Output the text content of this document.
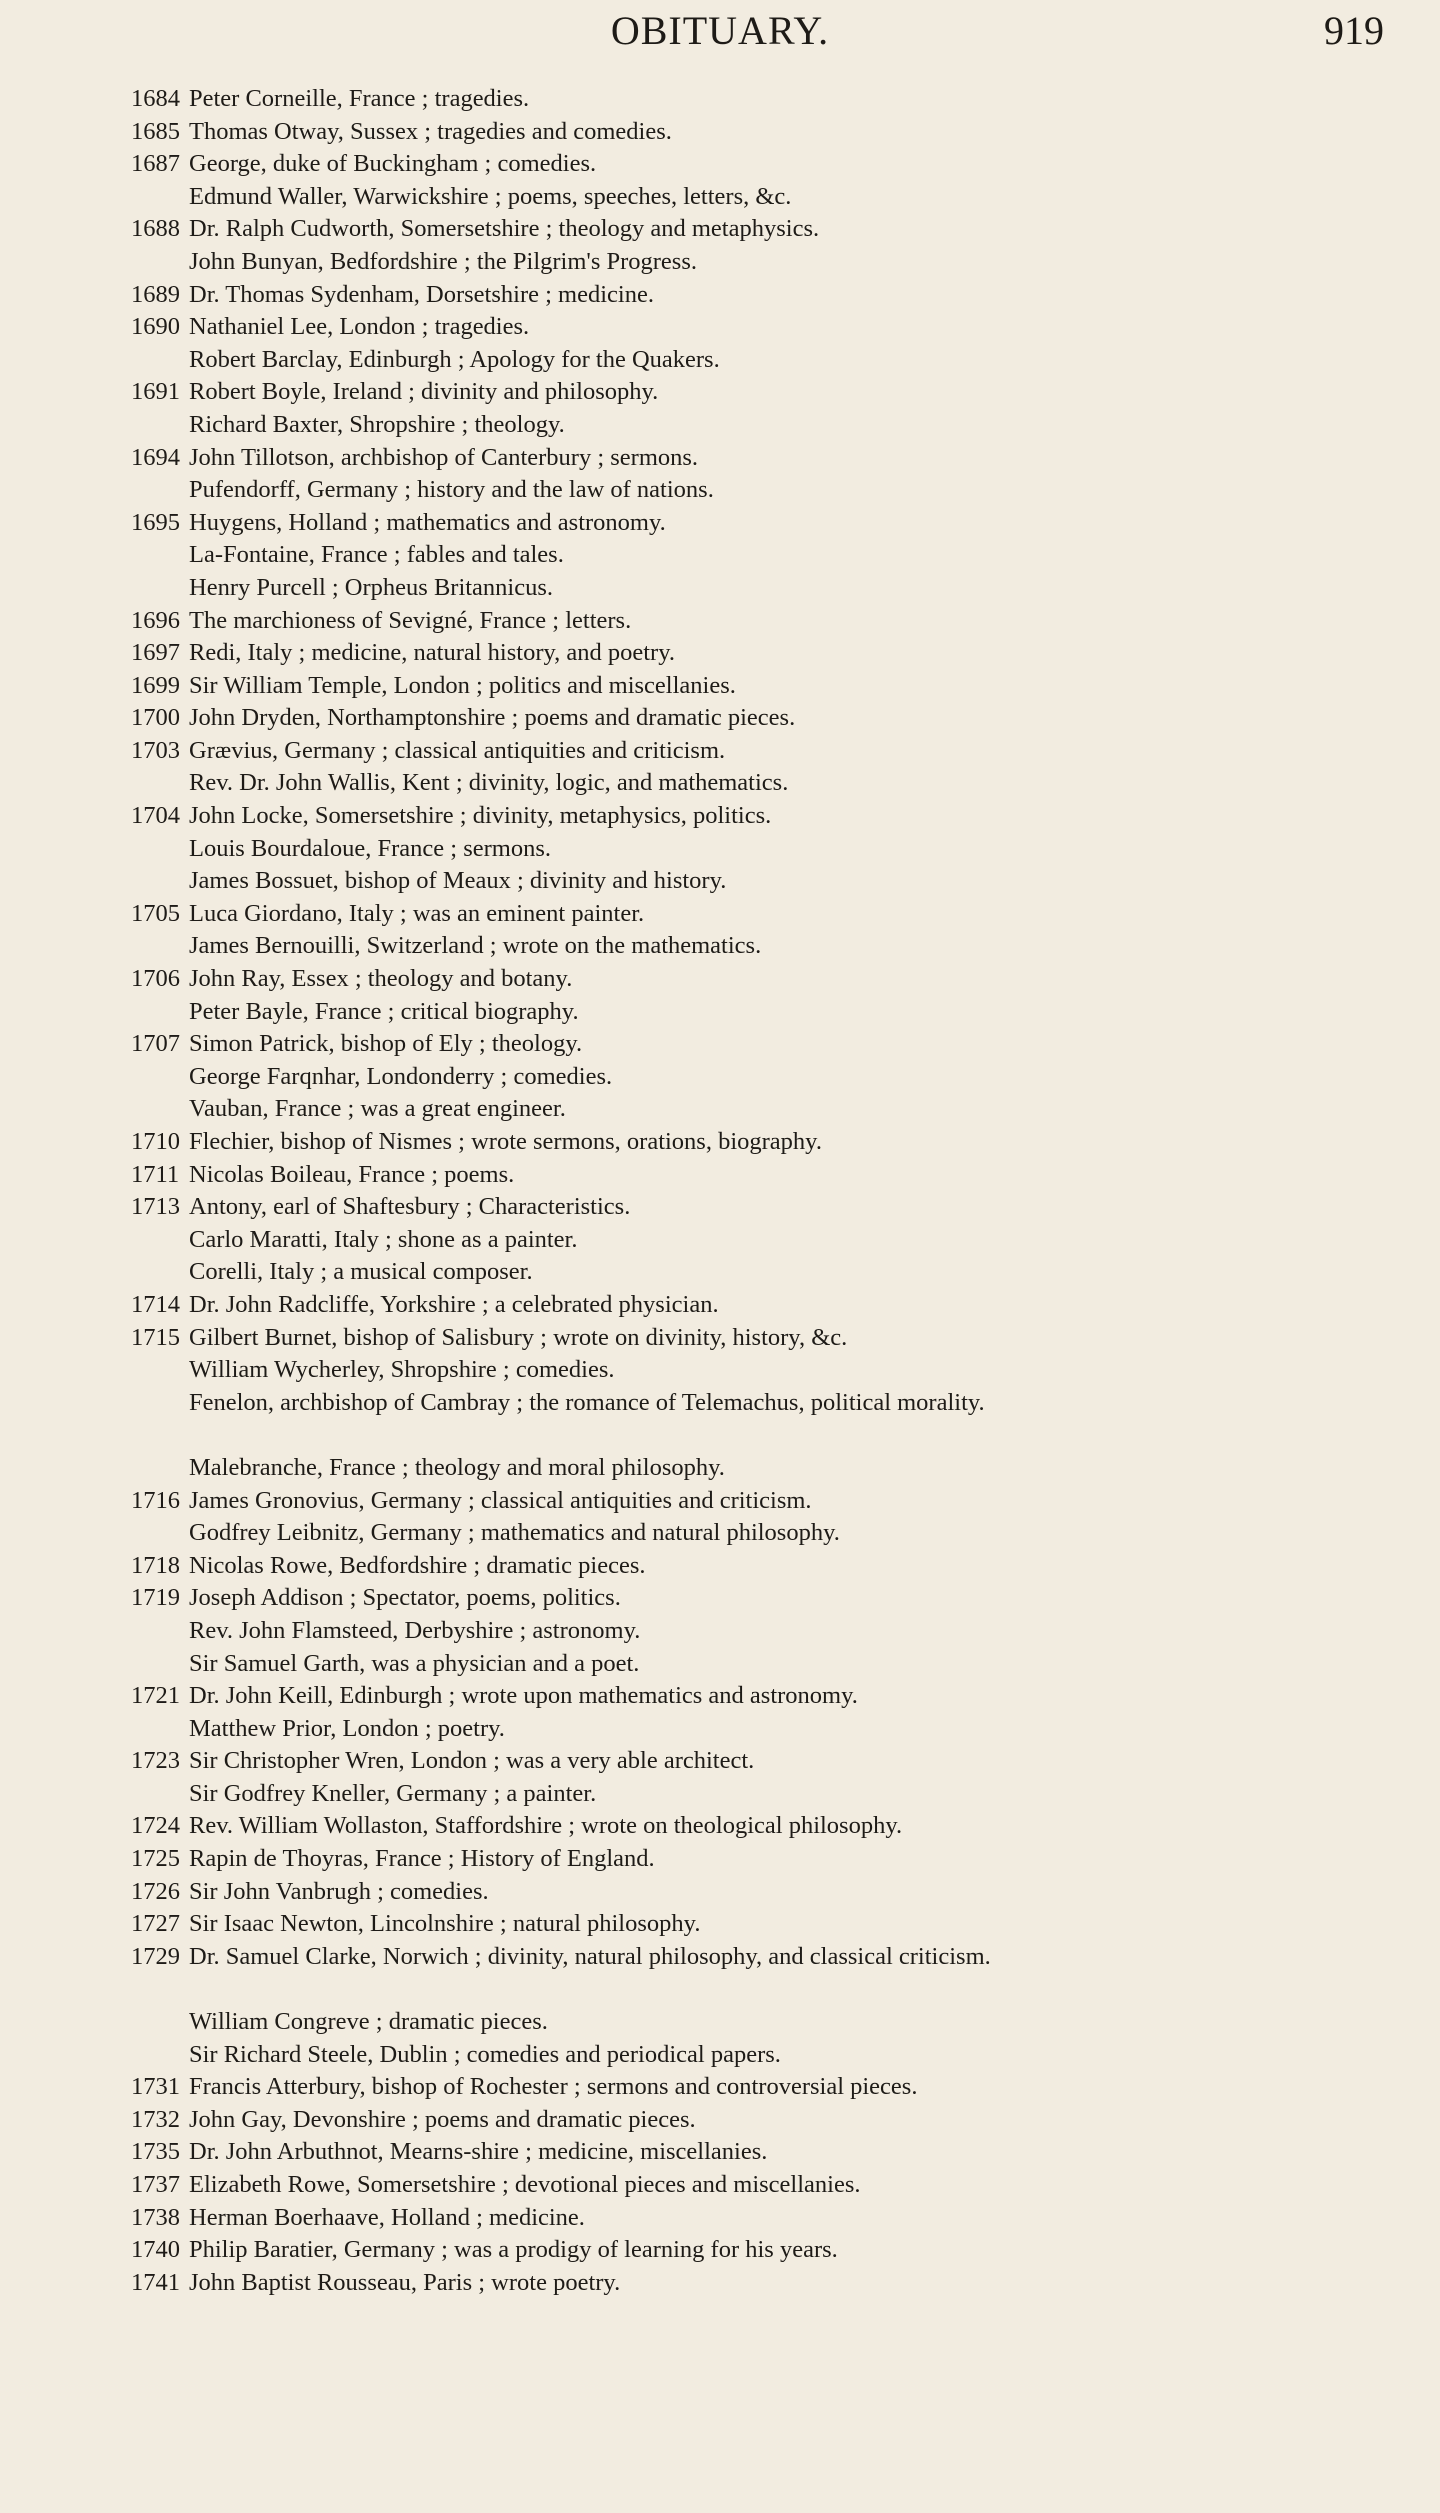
OBITUARY.	919
1684 Peter Corneille, France ; tragedies.
1685 Thomas Otway, Sussex ; tragedies and comedies.
1687 George, duke of Buckingham ; comedies.
Edmund Waller, Warwickshire ; poems, speeches, letters, &c.
1688 Dr. Ralph Cudworth, Somersetshire ; theology and metaphysics.
John Bunyan, Bedfordshire ; the Pilgrim's Progress.
1689 Dr. Thomas Sydenham, Dorsetshire ; medicine.
1690 Nathaniel Lee, London ; tragedies.
Robert Barclay, Edinburgh ; Apology for the Quakers.
1691 Robert Boyle, Ireland ; divinity and philosophy.
Richard Baxter, Shropshire ; theology.
1694 John Tillotson, archbishop of Canterbury ; sermons.
Pufendorff, Germany ; history and the law of nations.
1695 Huygens, Holland ; mathematics and astronomy.
La-Fontaine, France ; fables and tales.
Henry Purcell ; Orpheus Britannicus.
1696 The marchioness of Sevigné, France ; letters.
1697 Redi, Italy ; medicine, natural history, and poetry.
1699 Sir William Temple, London ; politics and miscellanies.
1700 John Dryden, Northamptonshire ; poems and dramatic pieces.
1703 Grævius, Germany ; classical antiquities and criticism.
Rev. Dr. John Wallis, Kent ; divinity, logic, and mathematics.
1704 John Locke, Somersetshire ; divinity, metaphysics, politics.
Louis Bourdaloue, France ; sermons.
James Bossuet, bishop of Meaux ; divinity and history.
1705 Luca Giordano, Italy ; was an eminent painter.
James Bernouilli, Switzerland ; wrote on the mathematics.
1706 John Ray, Essex ; theology and botany.
Peter Bayle, France ; critical biography.
1707 Simon Patrick, bishop of Ely ; theology.
George Farqnhar, Londonderry ; comedies.
Vauban, France ; was a great engineer.
1710 Flechier, bishop of Nismes ; wrote sermons, orations, biography.
1711 Nicolas Boileau, France ; poems.
1713 Antony, earl of Shaftesbury ; Characteristics.
Carlo Maratti, Italy ; shone as a painter.
Corelli, Italy ; a musical composer.
1714 Dr. John Radcliffe, Yorkshire ; a celebrated physician.
1715 Gilbert Burnet, bishop of Salisbury ; wrote on divinity, history, &c.
William Wycherley, Shropshire ; comedies.
Fenelon, archbishop of Cambray ; the romance of Telemachus, political morality.
Malebranche, France ; theology and moral philosophy.
1716 James Gronovius, Germany ; classical antiquities and criticism.
Godfrey Leibnitz, Germany ; mathematics and natural philosophy.
1718 Nicolas Rowe, Bedfordshire ; dramatic pieces.
1719 Joseph Addison ; Spectator, poems, politics.
Rev. John Flamsteed, Derbyshire ; astronomy.
Sir Samuel Garth, was a physician and a poet.
1721 Dr. John Keill, Edinburgh ; wrote upon mathematics and astronomy.
Matthew Prior, London ; poetry.
1723 Sir Christopher Wren, London ; was a very able architect.
Sir Godfrey Kneller, Germany ; a painter.
1724 Rev. William Wollaston, Staffordshire ; wrote on theological philosophy.
1725 Rapin de Thoyras, France ; History of England.
1726 Sir John Vanbrugh ; comedies.
1727 Sir Isaac Newton, Lincolnshire ; natural philosophy.
1729 Dr. Samuel Clarke, Norwich ; divinity, natural philosophy, and classical criticism.
William Congreve ; dramatic pieces.
Sir Richard Steele, Dublin ; comedies and periodical papers.
1731 Francis Atterbury, bishop of Rochester ; sermons and controversial pieces.
1732 John Gay, Devonshire ; poems and dramatic pieces.
1735 Dr. John Arbuthnot, Mearns-shire ; medicine, miscellanies.
1737 Elizabeth Rowe, Somersetshire ; devotional pieces and miscellanies.
1738 Herman Boerhaave, Holland ; medicine.
1740 Philip Baratier, Germany ; was a prodigy of learning for his years.
1741 John Baptist Rousseau, Paris ; wrote poetry.
